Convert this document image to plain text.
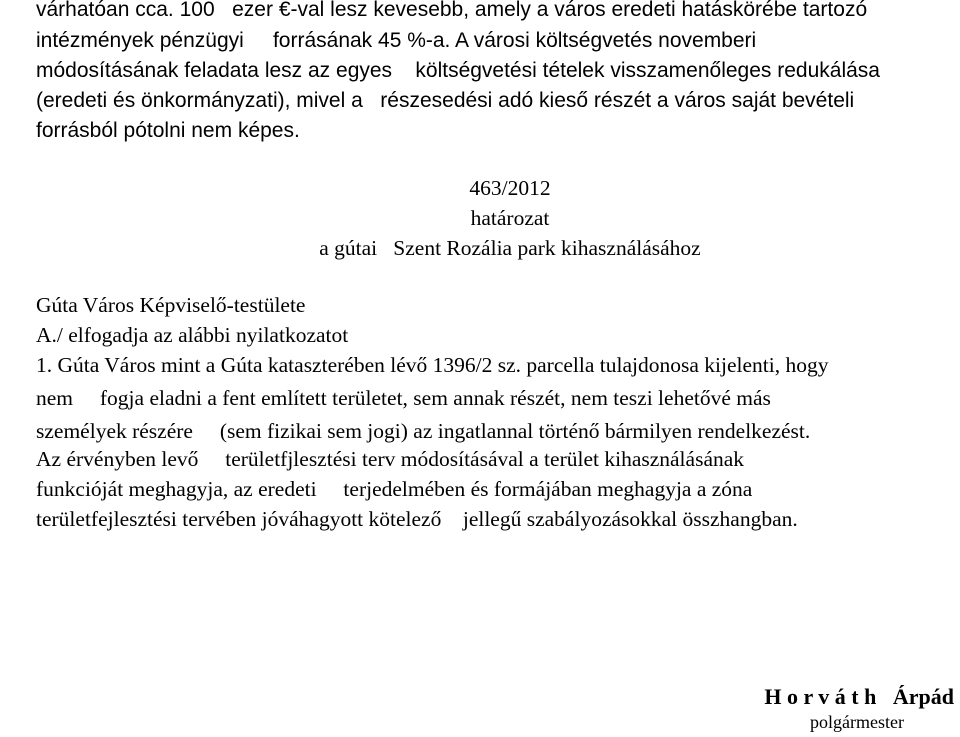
várhatóan cca. 100   ezer €-val lesz kevesebb, amely a város eredeti hatáskörébe tartozó

intézmények pénzügyi     forrásának 45 %-a. A városi költségvetés novemberi

módosításának feladata lesz az egyes    költségvetési tételek visszamenőleges redukálása

(eredeti és önkormányzati), mivel a   részesedési adó kieső részét a város saját bevételi

forrásból pótolni nem képes.

463/2012

határozat

a gútai   Szent Rozália park kihasználásához

Gúta Város Képviselő-testülete

A./ elfogadja az alábbi nyilatkozatot

1. Gúta Város mint a Gúta kataszterében lévő 1396/2 sz. parcella tulajdonosa kijelenti, hogy

nem     fogja eladni a fent említett területet, sem annak részét, nem teszi lehetővé más

személyek részére     (sem fizikai sem jogi) az ingatlannal történő bármilyen rendelkezést.

Az érvényben levő     területfjlesztési terv módosításával a terület kihasználásának

funkcióját meghagyja, az eredeti     terjedelmében és formájában meghagyja a zóna

területfejlesztési tervében jóváhagyott kötelező    jellegű szabályozásokkal összhangban.

H o r v á t h   Árpád
polgármester
